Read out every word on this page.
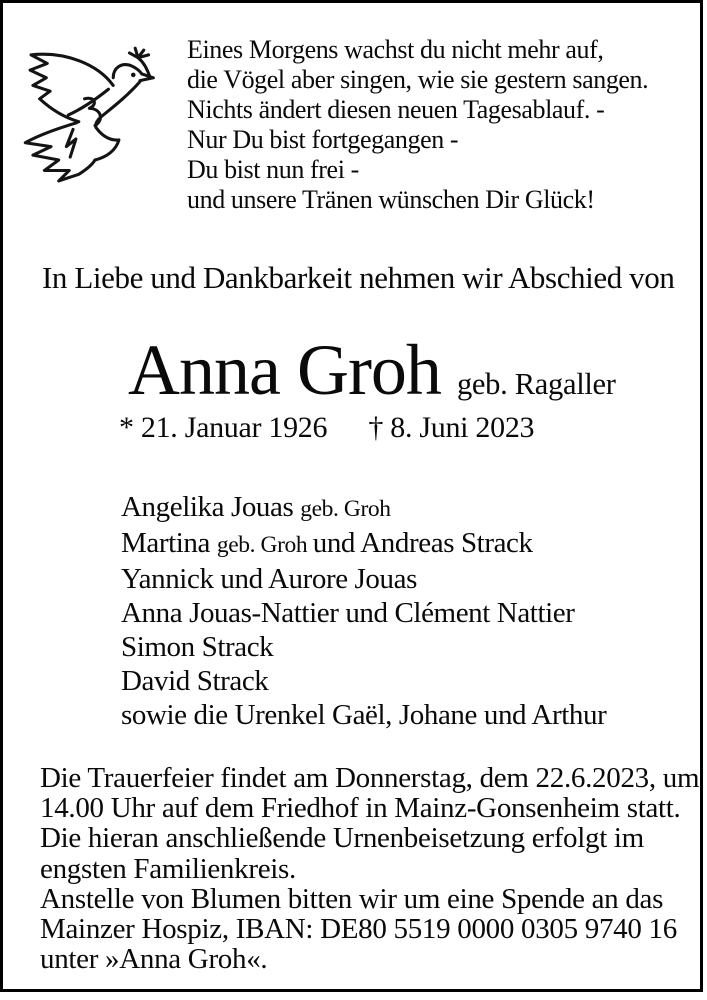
Eines Morgens wachst du nicht mehr auf,
die Vögel aber singen, wie sie gestern sangen.
Nichts ändert diesen neuen Tagesablauf. -
Nur Du bist fortgegangen -
Du bist nun frei -
und unsere Tränen wünschen Dir Glück!
In Liebe und Dankbarkeit nehmen wir Abschied von
Anna Groh geb. Ragaller
* 21. Januar 1926 † 8. Juni 2023
Angelika Jouas geb. Groh
Martina geb. Groh und Andreas Strack
Yannick und Aurore Jouas
Anna Jouas-Nattier und Clément Nattier
Simon Strack
David Strack
sowie die Urenkel Gaël, Johane und Arthur
Die Trauerfeier findet am Donnerstag, dem 22.6.2023, um
14.00 Uhr auf dem Friedhof in Mainz-Gonsenheim statt.
Die hieran anschließende Urnenbeisetzung erfolgt im
engsten Familienkreis.
Anstelle von Blumen bitten wir um eine Spende an das
Mainzer Hospiz, IBAN: DE80 5519 0000 0305 9740 16
unter »Anna Groh«.
